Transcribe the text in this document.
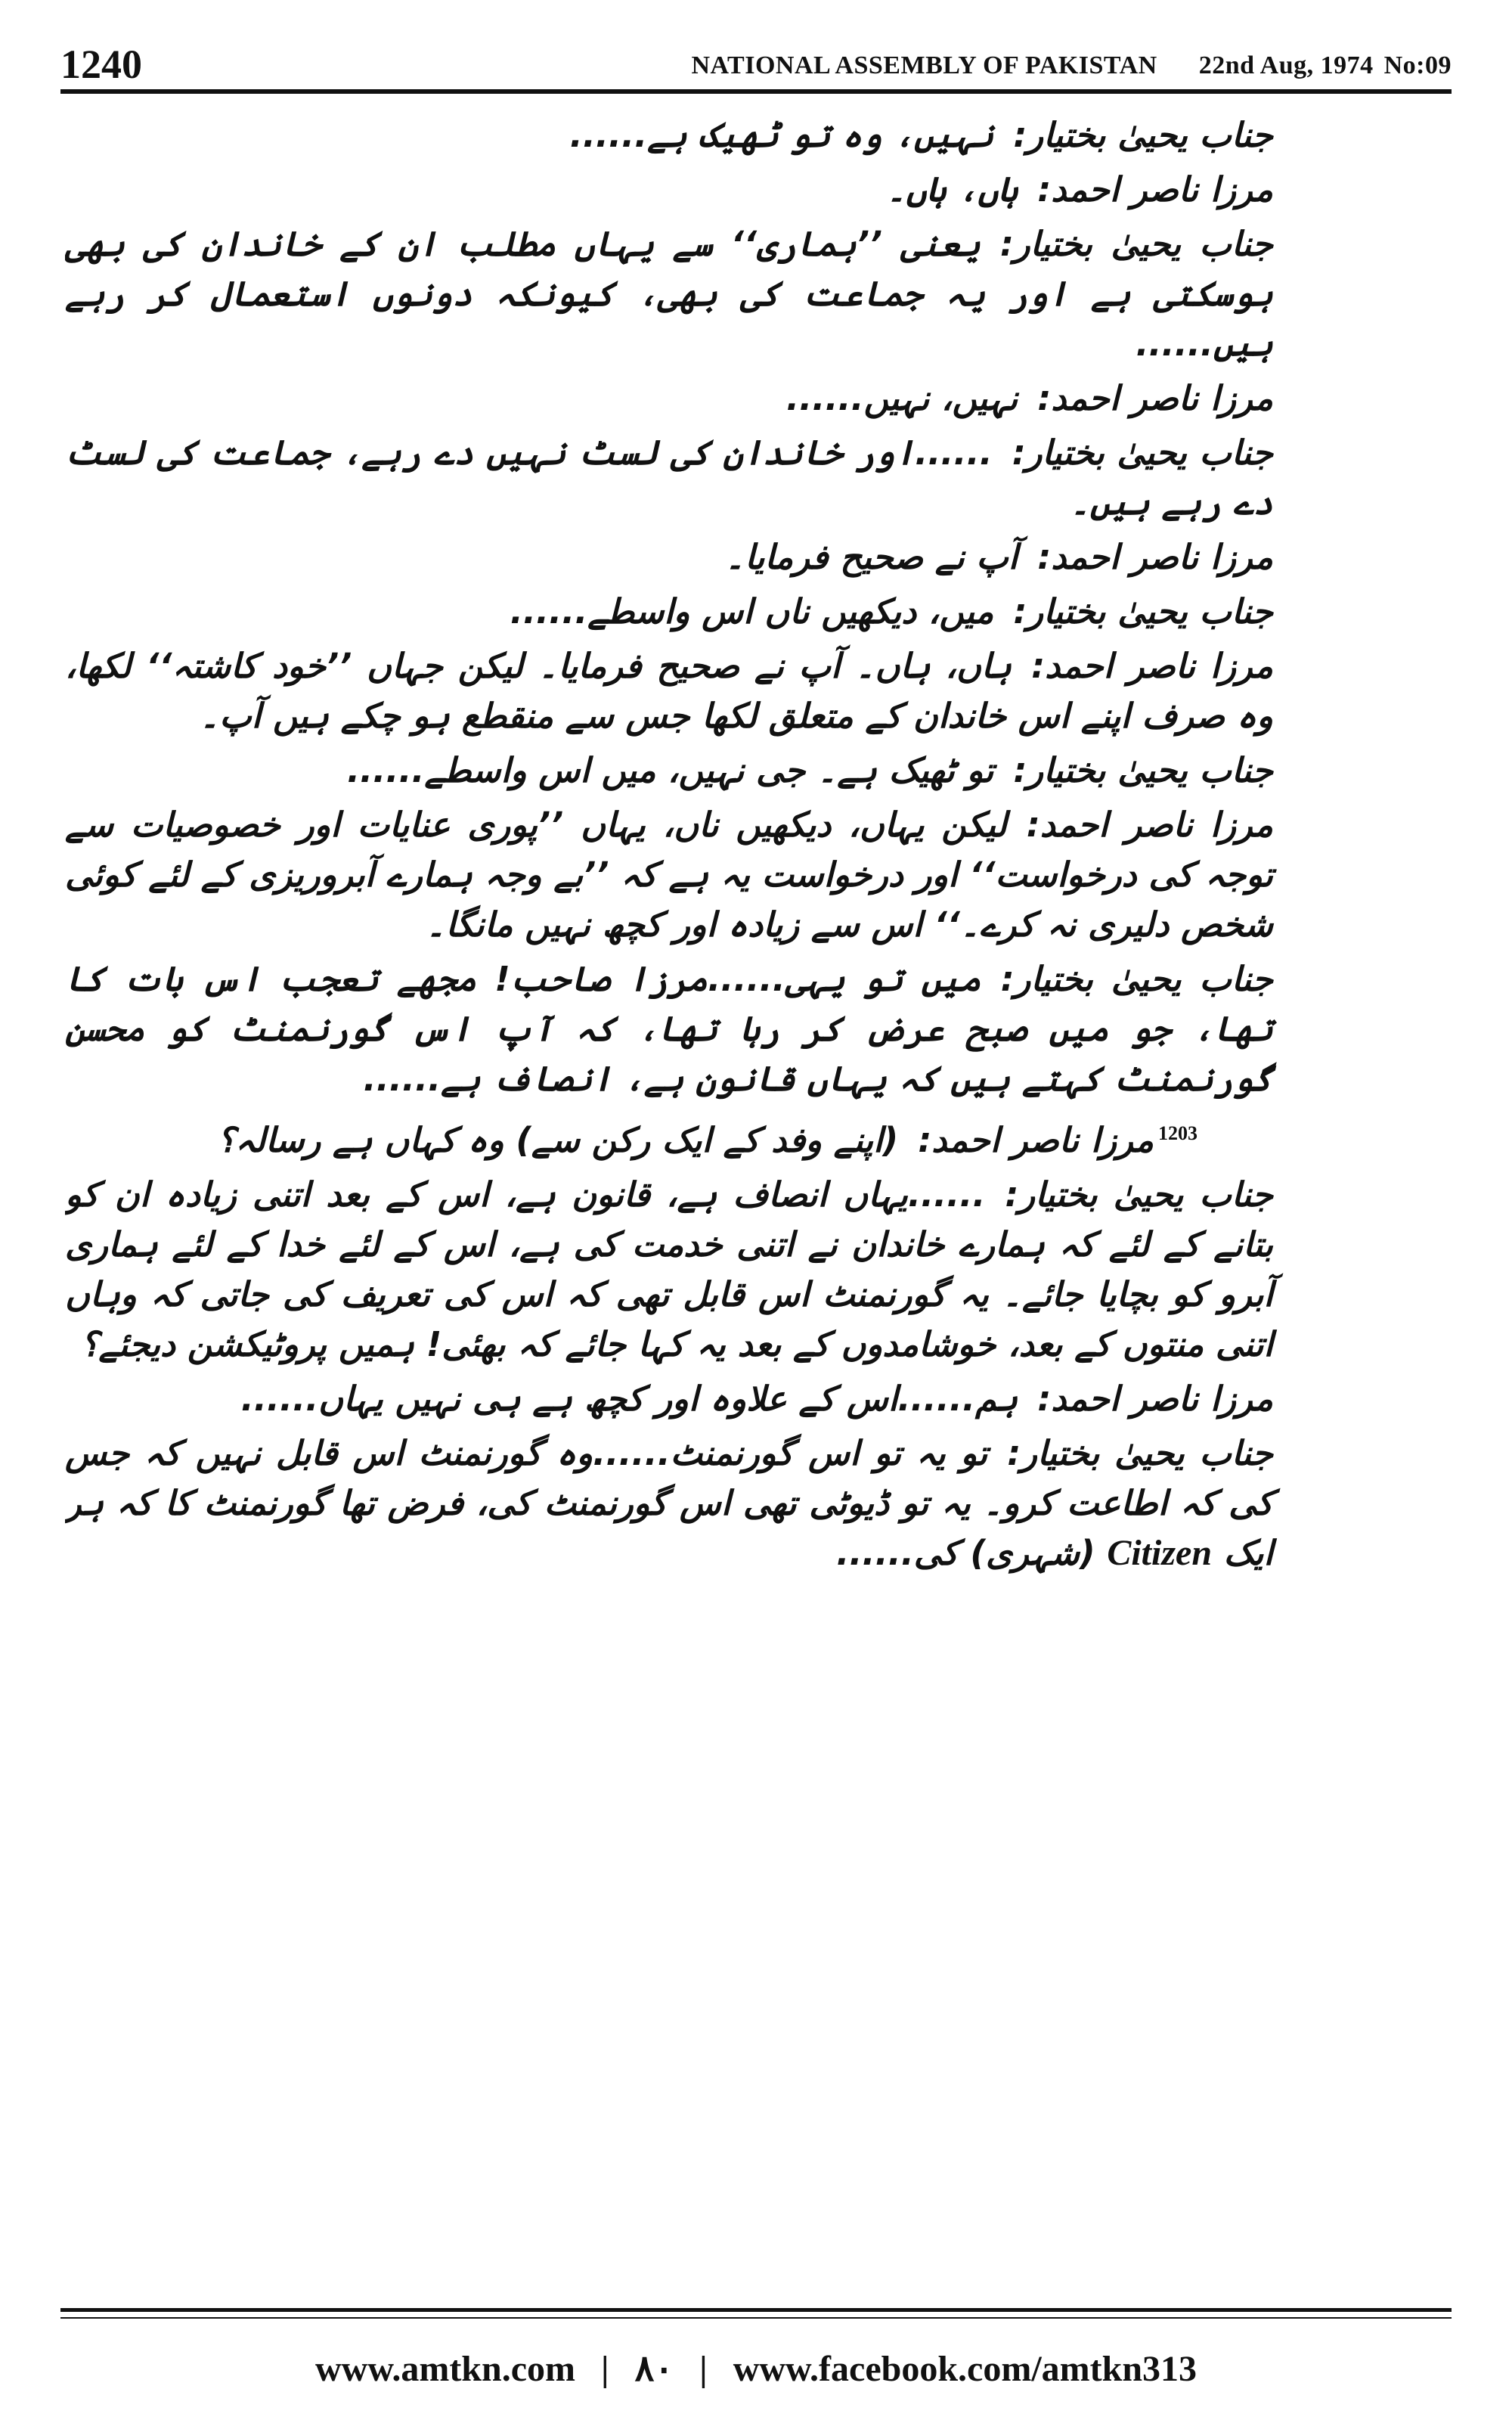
1240	NATIONAL ASSEMBLY OF PAKISTAN 22nd Aug, 1974 No:09

جناب یحییٰ بختیار :نہیں، وہ تو ٹھیک ہے......

مرزا ناصر احمد :ہاں، ہاں۔

جناب یحییٰ بختیار :یعنی ’’ہماری‘‘ سے یہاں مطلب ان کے خاندان کی بھی ہوسکتی ہے اور یہ جماعت کی بھی، کیونکہ دونوں استعمال کر رہے ہیں......

مرزا ناصر احمد :نہیں، نہیں......

جناب یحییٰ بختیار :......اور خاندان کی لسٹ نہیں دے رہے، جماعت کی لسٹ دے رہے ہیں۔

مرزا ناصر احمد :آپ نے صحیح فرمایا۔

جناب یحییٰ بختیار :میں، دیکھیں ناں اس واسطے......

مرزا ناصر احمد :ہاں، ہاں۔ آپ نے صحیح فرمایا۔ لیکن جہاں ’’خود کاشتہ‘‘ لکھا، وہ صرف اپنے اس خاندان کے متعلق لکھا جس سے منقطع ہو چکے ہیں آپ۔

جناب یحییٰ بختیار :تو ٹھیک ہے۔ جی نہیں، میں اس واسطے......

مرزا ناصر احمد :لیکن یہاں، دیکھیں ناں، یہاں ’’پوری عنایات اور خصوصیات سے توجہ کی درخواست‘‘ اور درخواست یہ ہے کہ ’’بے وجہ ہمارے آبروریزی کے لئے کوئی شخص دلیری نہ کرے۔‘‘ اس سے زیادہ اور کچھ نہیں مانگا۔

جناب یحییٰ بختیار :میں تو یہی......مرزا صاحب! مجھے تعجب اس بات کا تھا، جو میں صبح عرض کر رہا تھا، کہ آپ اس گورنمنٹ کو محسن گورنمنٹ کہتے ہیں کہ یہاں قانون ہے، انصاف ہے......

$^{1203}$مرزا ناصر احمد :(اپنے وفد کے ایک رکن سے) وہ کہاں ہے رسالہ؟

جناب یحییٰ بختیار :......یہاں انصاف ہے، قانون ہے، اس کے بعد اتنی زیادہ ان کو بتانے کے لئے کہ ہمارے خاندان نے اتنی خدمت کی ہے، اس کے لئے خدا کے لئے ہماری آبرو کو بچایا جائے۔ یہ گورنمنٹ اس قابل تھی کہ اس کی تعریف کی جاتی کہ وہاں اتنی منتوں کے بعد، خوشامدوں کے بعد یہ کہا جائے کہ بھئی! ہمیں پروٹیکشن دیجئے؟

مرزا ناصر احمد :ہم......اس کے علاوہ اور کچھ ہے ہی نہیں یہاں......

جناب یحییٰ بختیار :تو یہ تو اس گورنمنٹ......وہ گورنمنٹ اس قابل نہیں کہ جس کی کہ اطاعت کرو۔ یہ تو ڈیوٹی تھی اس گورنمنٹ کی، فرض تھا گورنمنٹ کا کہ ہر ایک Citizen (شہری) کی......

www.amtkn.com | ۸۰ | www.facebook.com/amtkn313
